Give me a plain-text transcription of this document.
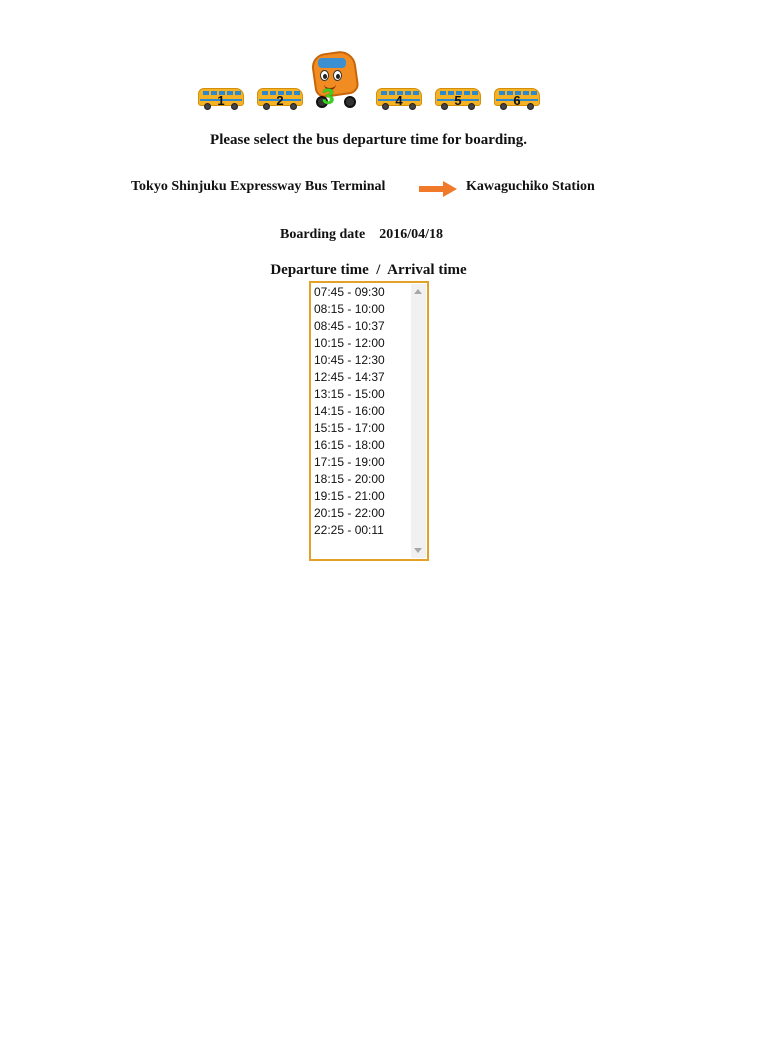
1	2	3	4	5	6
Please select the bus departure time for boarding.
Tokyo Shinjuku Expressway Bus Terminal	Kawaguchiko Station
Boarding date 2016/04/18
Departure time  /  Arrival time
07:45 - 09:30
08:15 - 10:00
08:45 - 10:37
10:15 - 12:00
10:45 - 12:30
12:45 - 14:37
13:15 - 15:00
14:15 - 16:00
15:15 - 17:00
16:15 - 18:00
17:15 - 19:00
18:15 - 20:00
19:15 - 21:00
20:15 - 22:00
22:25 - 00:11
